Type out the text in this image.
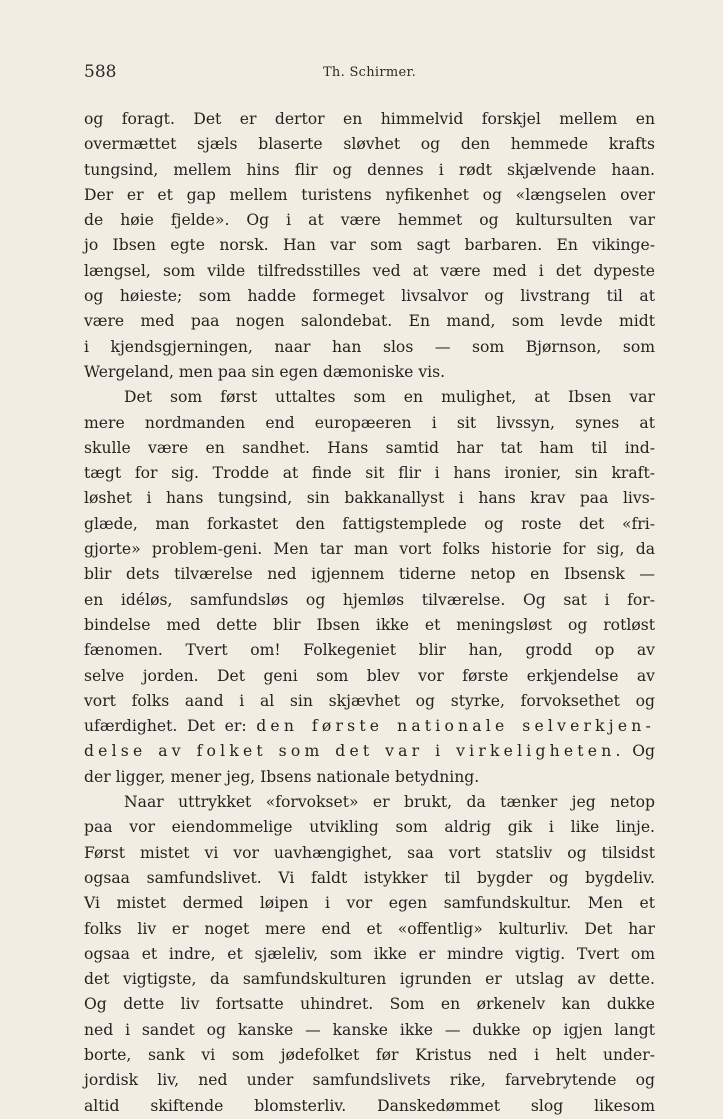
588	Th. Schirmer.
og foragt. Det er dertor en himmelvid forskjel mellem en
overmættet sjæls blaserte sløvhet og den hemmede krafts
tungsind, mellem hins flir og dennes i rødt skjælvende haan.
Der er et gap mellem turistens nyfikenhet og «længselen over
de høie fjelde». Og i at være hemmet og kultursulten var
jo Ibsen egte norsk. Han var som sagt barbaren. En vikinge-
længsel, som vilde tilfredsstilles ved at være med i det dypeste
og høieste; som hadde formeget livsalvor og livstrang til at
være med paa nogen salondebat. En mand, som levde midt
i kjendsgjerningen, naar han slos — som Bjørnson, som
Wergeland, men paa sin egen dæmoniske vis.
Det som først uttaltes som en mulighet, at Ibsen var
mere nordmanden end europæeren i sit livssyn, synes at
skulle være en sandhet. Hans samtid har tat ham til ind-
tægt for sig. Trodde at finde sit flir i hans ironier, sin kraft-
løshet i hans tungsind, sin bakkanallyst i hans krav paa livs-
glæde, man forkastet den fattigstemplede og roste det «fri-
gjorte» problem-geni. Men tar man vort folks historie for sig, da
blir dets tilværelse ned igjennem tiderne netop en Ibsensk —
en idéløs, samfundsløs og hjemløs tilværelse. Og sat i for-
bindelse med dette blir Ibsen ikke et meningsløst og rotløst
fænomen. Tvert om! Folkegeniet blir han, grodd op av
selve jorden. Det geni som blev vor første erkjendelse av
vort folks aand i al sin skjævhet og styrke, forvoksethet og
ufærdighet. Det er: den første nationale selverkjen-
delse av folket som det var i virkeligheten. Og
der ligger, mener jeg, Ibsens nationale betydning.
Naar uttrykket «forvokset» er brukt, da tænker jeg netop
paa vor eiendommelige utvikling som aldrig gik i like linje.
Først mistet vi vor uavhængighet, saa vort statsliv og tilsidst
ogsaa samfundslivet. Vi faldt istykker til bygder og bygdeliv.
Vi mistet dermed løipen i vor egen samfundskultur. Men et
folks liv er noget mere end et «offentlig» kulturliv. Det har
ogsaa et indre, et sjæleliv, som ikke er mindre vigtig. Tvert om
det vigtigste, da samfundskulturen igrunden er utslag av dette.
Og dette liv fortsatte uhindret. Som en ørkenelv kan dukke
ned i sandet og kanske — kanske ikke — dukke op igjen langt
borte, sank vi som jødefolket før Kristus ned i helt under-
jordisk liv, ned under samfundslivets rike, farvebrytende og
altid skiftende blomsterliv. Danskedømmet slog likesom
